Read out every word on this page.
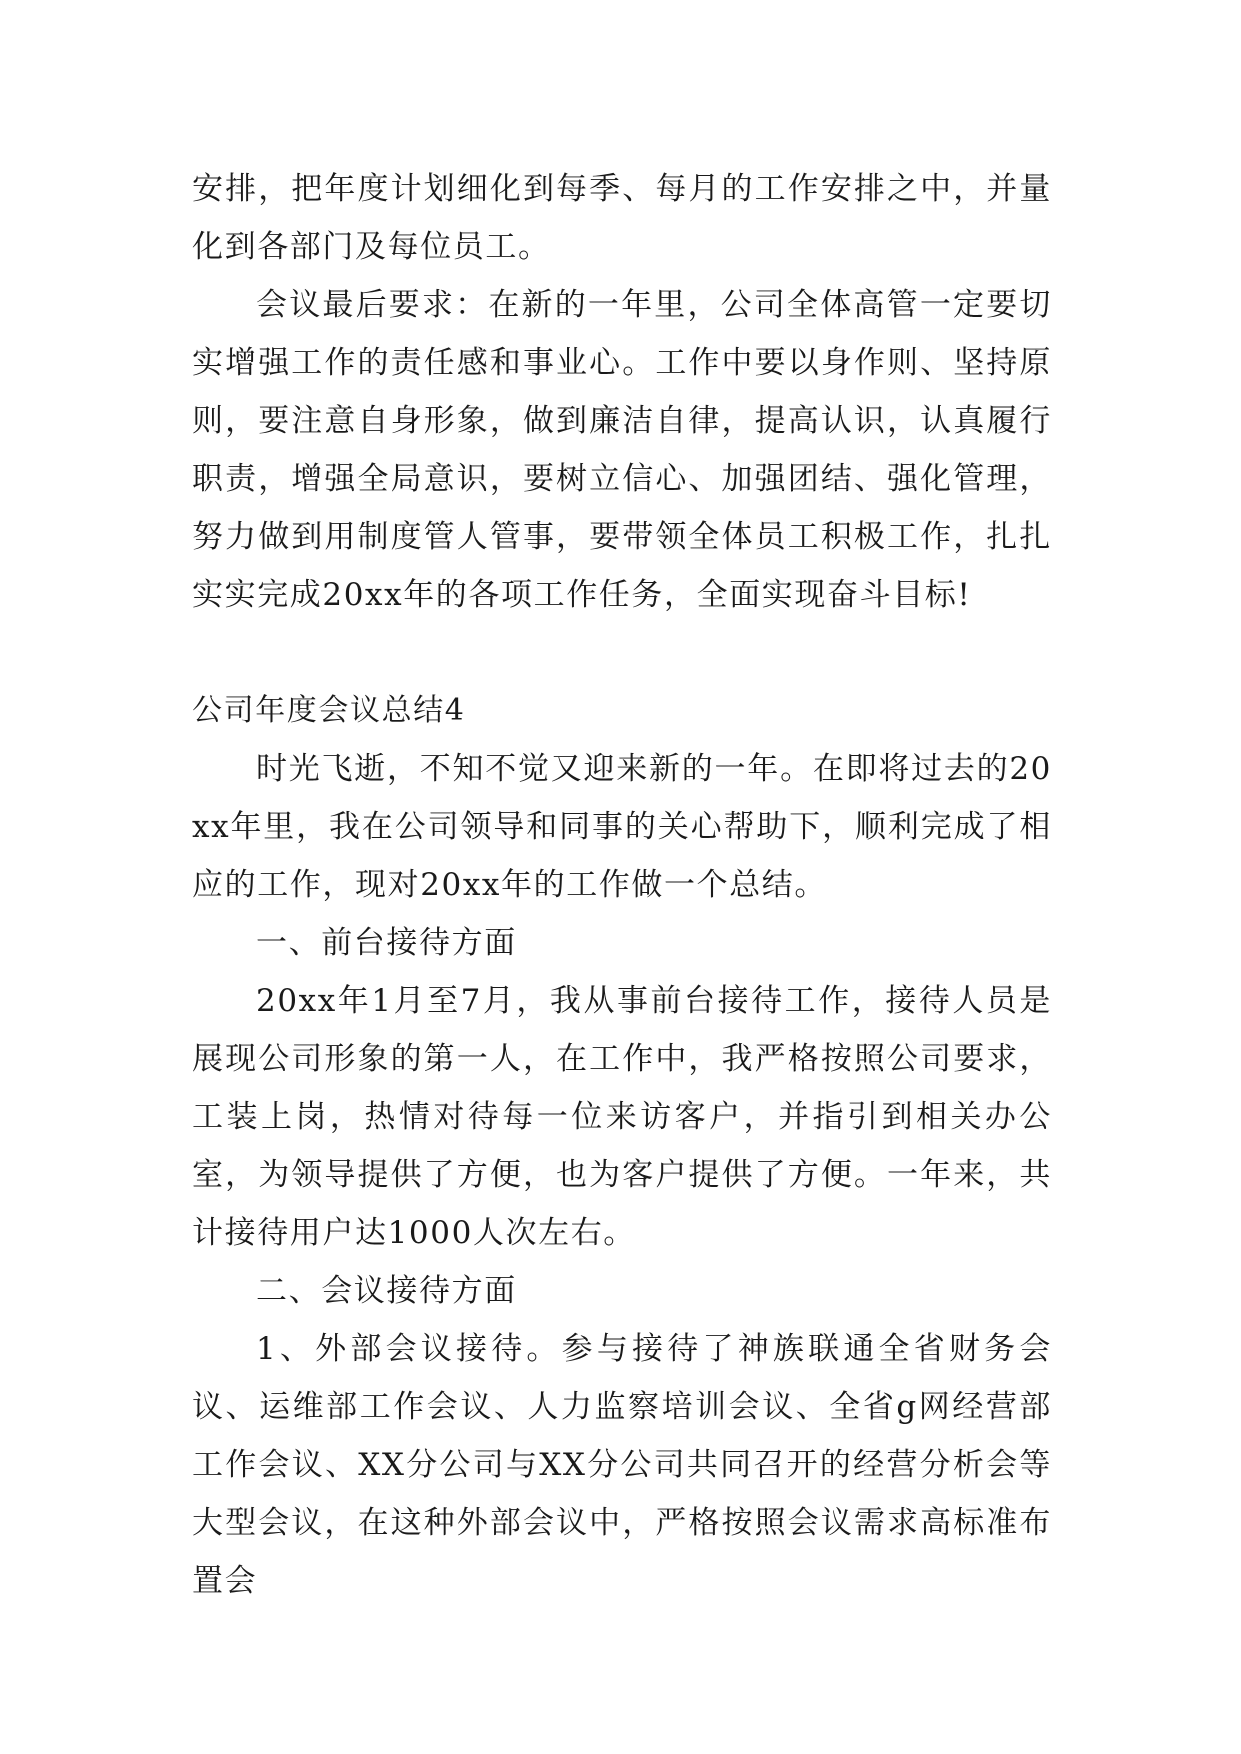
安排，把年度计划细化到每季、每月的工作安排之中，并量化到各部门及每位员工。

会议最后要求：在新的一年里，公司全体高管一定要切实增强工作的责任感和事业心。工作中要以身作则、坚持原则，要注意自身形象，做到廉洁自律，提高认识，认真履行职责，增强全局意识，要树立信心、加强团结、强化管理，努力做到用制度管人管事，要带领全体员工积极工作，扎扎实实完成20xx年的各项工作任务，全面实现奋斗目标!

公司年度会议总结4

时光飞逝，不知不觉又迎来新的一年。在即将过去的20xx年里，我在公司领导和同事的关心帮助下，顺利完成了相应的工作，现对20xx年的工作做一个总结。

一、前台接待方面

20xx年1月至7月，我从事前台接待工作，接待人员是展现公司形象的第一人，在工作中，我严格按照公司要求，工装上岗，热情对待每一位来访客户，并指引到相关办公室，为领导提供了方便，也为客户提供了方便。一年来，共计接待用户达1000人次左右。

二、会议接待方面

1、外部会议接待。参与接待了神族联通全省财务会议、运维部工作会议、人力监察培训会议、全省g网经营部工作会议、XX分公司与XX分公司共同召开的经营分析会等大型会议，在这种外部会议中，严格按照会议需求高标准布置会
